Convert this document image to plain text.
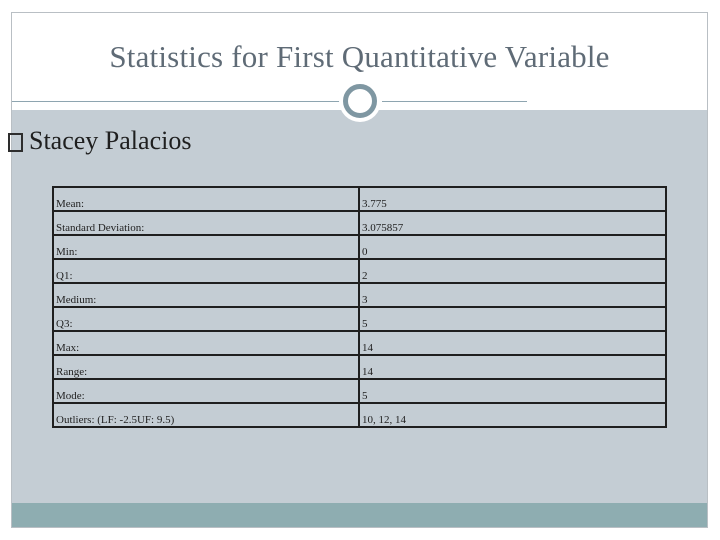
Statistics for First Quantitative Variable
Stacey Palacios
Mean:	3.775
Standard Deviation:	3.075857
Min:	0
Q1:	2
Medium:	3
Q3:	5
Max:	14
Range:	14
Mode:	5
Outliers: (LF: -2.5UF: 9.5)	10, 12, 14
